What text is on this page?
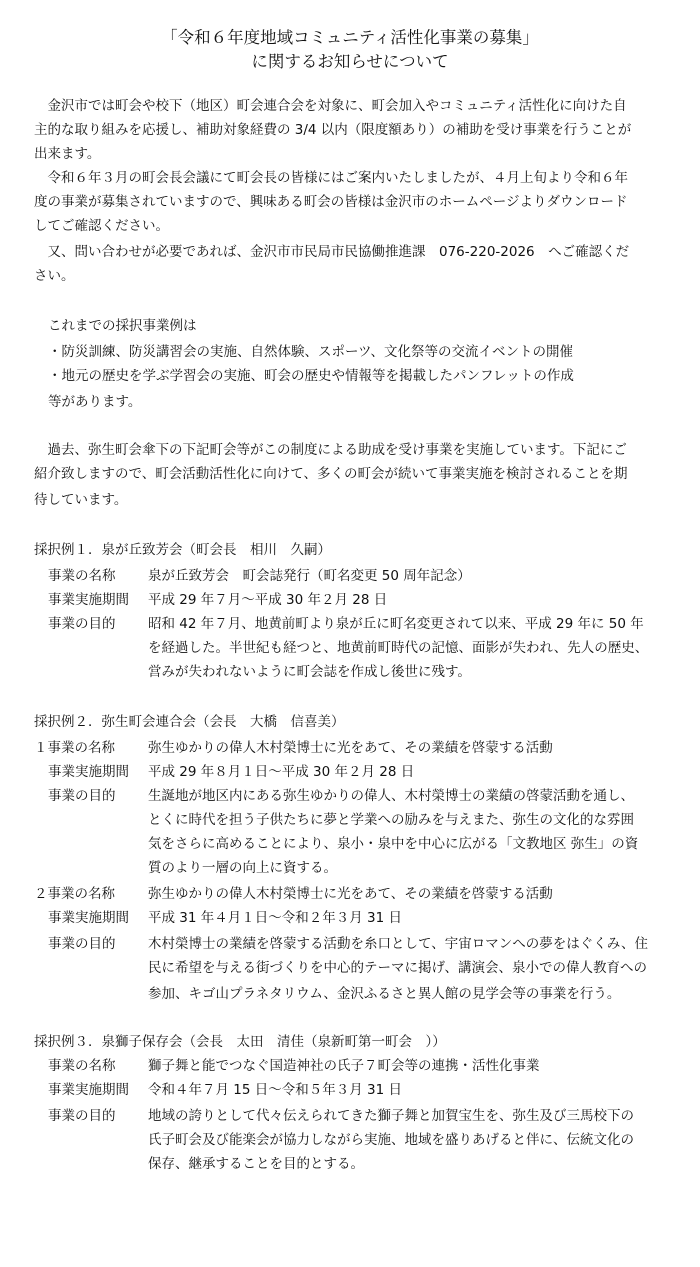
「令和６年度地域コミュニティ活性化事業の募集」
に関するお知らせについて
　金沢市では町会や校下（地区）町会連合会を対象に、町会加入やコミュニティ活性化に向けた自
主的な取り組みを応援し、補助対象経費の 3/4 以内（限度額あり）の補助を受け事業を行うことが
出来ます。
　令和６年３月の町会長会議にて町会長の皆様にはご案内いたしましたが、４月上旬より令和６年
度の事業が募集されていますので、興味ある町会の皆様は金沢市のホームページよりダウンロード
してご確認ください。
　又、問い合わせが必要であれば、金沢市市民局市民協働推進課　076-220-2026　へご確認くだ
さい。
これまでの採択事業例は
・防災訓練、防災講習会の実施、自然体験、スポーツ、文化祭等の交流イベントの開催
・地元の歴史を学ぶ学習会の実施、町会の歴史や情報等を掲載したパンフレットの作成
等があります。
　過去、弥生町会傘下の下記町会等がこの制度による助成を受け事業を実施しています。下記にご
紹介致しますので、町会活動活性化に向けて、多くの町会が続いて事業実施を検討されることを期
待しています。
採択例１．泉が丘致芳会（町会長　相川　久嗣）
事業の名称 泉が丘致芳会　町会誌発行（町名変更 50 周年記念）
事業実施期間 平成 29 年７月～平成 30 年２月 28 日
事業の目的 昭和 42 年７月、地黄前町より泉が丘に町名変更されて以来、平成 29 年に 50 年
を経過した。半世紀も経つと、地黄前町時代の記憶、面影が失われ、先人の歴史、
営みが失われないように町会誌を作成し後世に残す。
採択例２．弥生町会連合会（会長　大橋　信喜美）
１事業の名称 弥生ゆかりの偉人木村榮博士に光をあて、その業績を啓蒙する活動
事業実施期間 平成 29 年８月１日～平成 30 年２月 28 日
事業の目的 生誕地が地区内にある弥生ゆかりの偉人、木村榮博士の業績の啓蒙活動を通し、
とくに時代を担う子供たちに夢と学業への励みを与えまた、弥生の文化的な雰囲
気をさらに高めることにより、泉小・泉中を中心に広がる「文教地区 弥生」の資
質のより一層の向上に資する。
２事業の名称 弥生ゆかりの偉人木村榮博士に光をあて、その業績を啓蒙する活動
事業実施期間 平成 31 年４月１日～令和２年３月 31 日
事業の目的 木村榮博士の業績を啓蒙する活動を糸口として、宇宙ロマンへの夢をはぐくみ、住
民に希望を与える街づくりを中心的テーマに掲げ、講演会、泉小での偉人教育への
参加、キゴ山プラネタリウム、金沢ふるさと異人館の見学会等の事業を行う。
採択例３．泉獅子保存会（会長　太田　清佳（泉新町第一町会　））
事業の名称 獅子舞と能でつなぐ国造神社の氏子７町会等の連携・活性化事業
事業実施期間 令和４年７月 15 日～令和５年３月 31 日
事業の目的 地域の誇りとして代々伝えられてきた獅子舞と加賀宝生を、弥生及び三馬校下の
氏子町会及び能楽会が協力しながら実施、地域を盛りあげると伴に、伝統文化の
保存、継承することを目的とする。
